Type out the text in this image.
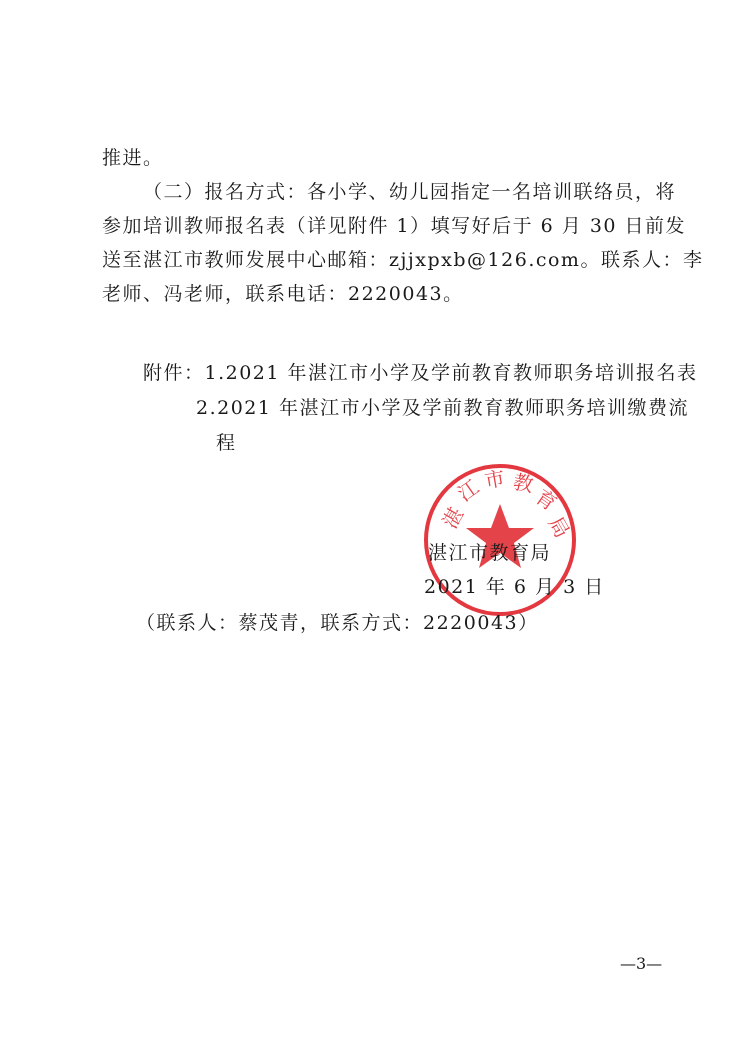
推进。
（二）报名方式：各小学、幼儿园指定一名培训联络员，将
参加培训教师报名表（详见附件 1）填写好后于 6 月 30 日前发
送至湛江市教师发展中心邮箱：zjjxpxb@126.com。联系人：李
老师、冯老师，联系电话：2220043。
附件：1.2021 年湛江市小学及学前教育教师职务培训报名表
2.2021 年湛江市小学及学前教育教师职务培训缴费流
程
湛
江 市 教
育
局
湛江市教育局
2021 年 6 月 3 日
（联系人：蔡茂青，联系方式：2220043）
—3—
